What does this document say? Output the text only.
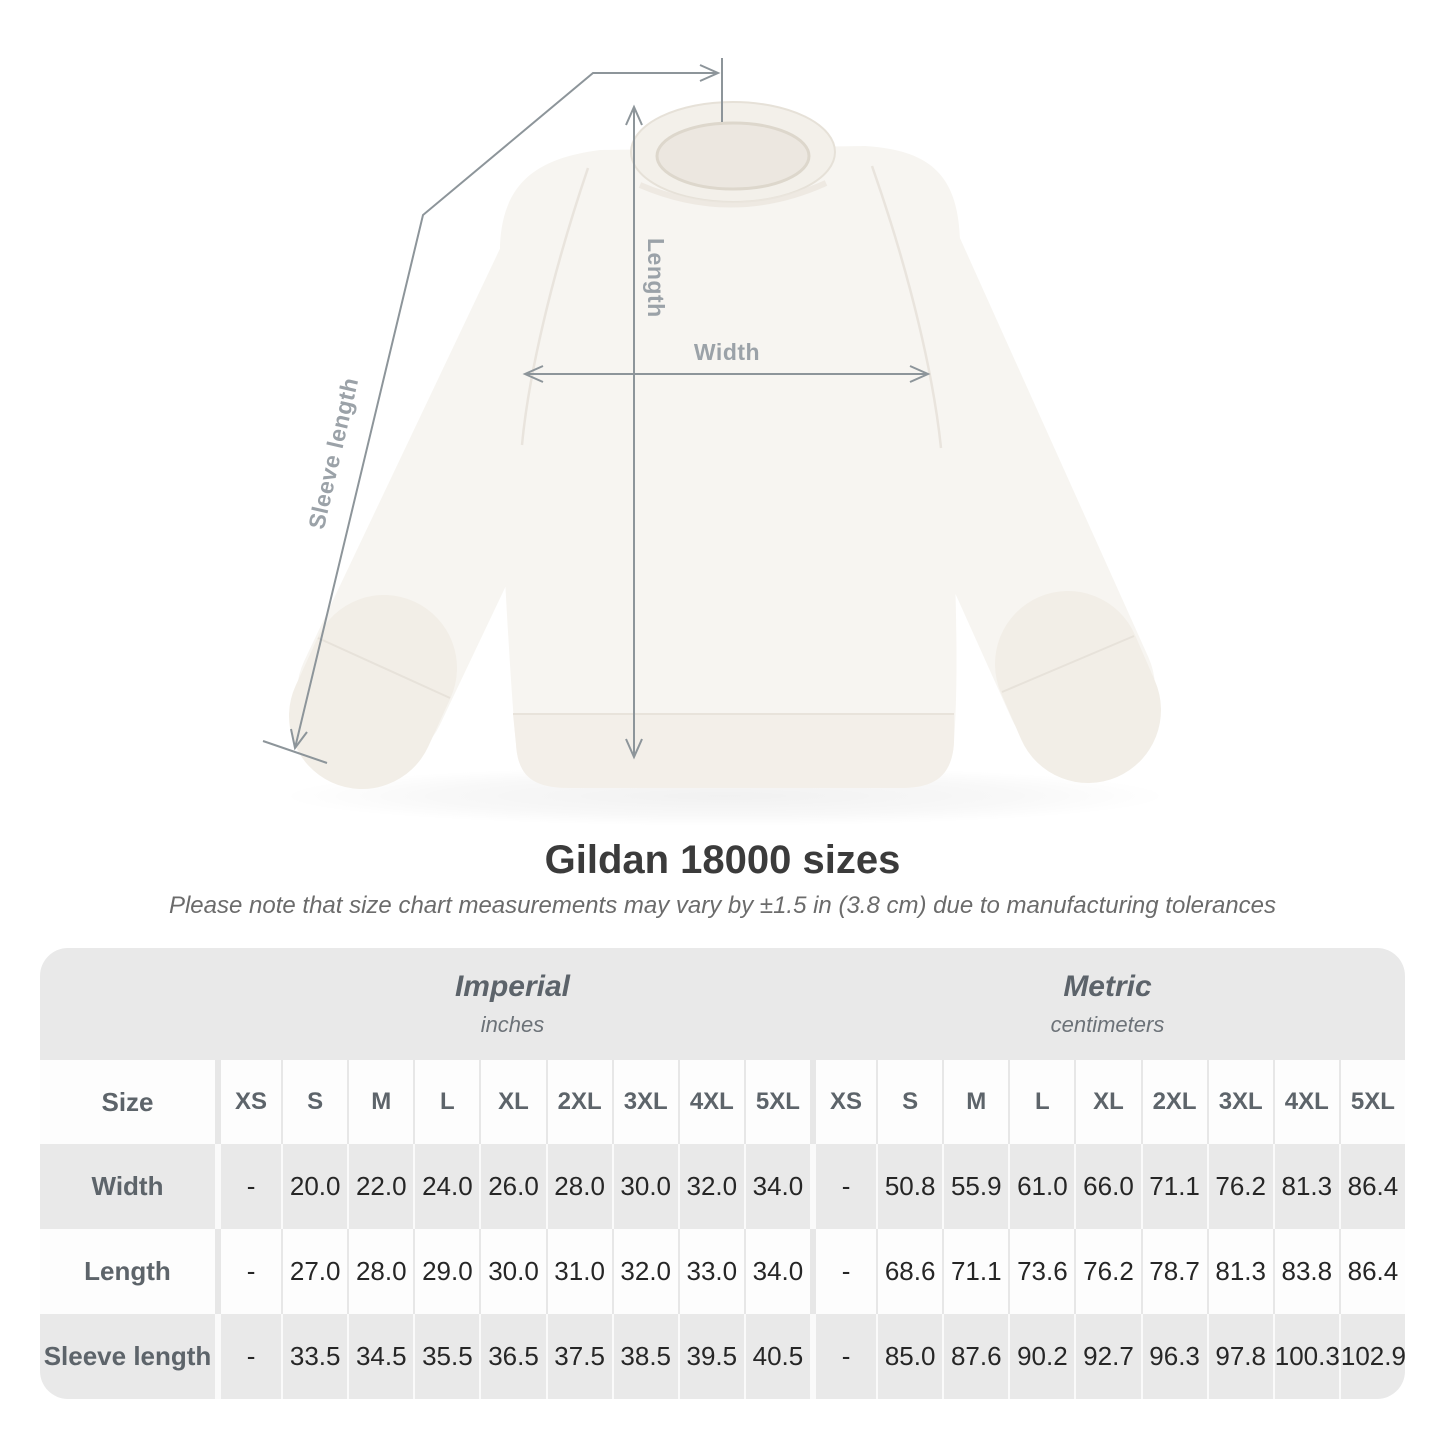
Width
Length
Sleeve length
Gildan 18000 sizes
Please note that size chart measurements may vary by ±1.5 in (3.8 cm) due to manufacturing tolerances

Imperial
inches

Metric
centimeters

Size	XS	S	M	L	XL	2XL	3XL	4XL	5XL	XS	S	M	L	XL	2XL	3XL	4XL	5XL
Width	-	20.0	22.0	24.0	26.0	28.0	30.0	32.0	34.0	-	50.8	55.9	61.0	66.0	71.1	76.2	81.3	86.4
Length	-	27.0	28.0	29.0	30.0	31.0	32.0	33.0	34.0	-	68.6	71.1	73.6	76.2	78.7	81.3	83.8	86.4
Sleeve length	-	33.5	34.5	35.5	36.5	37.5	38.5	39.5	40.5	-	85.0	87.6	90.2	92.7	96.3	97.8	100.3	102.9
